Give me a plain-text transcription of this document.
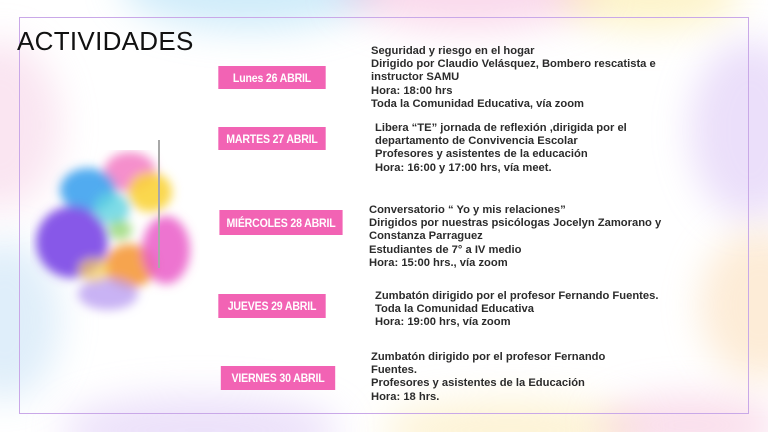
ACTIVIDADES
Lunes 26 ABRIL
Seguridad y riesgo en el hogar
Dirigido por Claudio Velásquez, Bombero rescatista e
instructor SAMU
Hora: 18:00 hrs
Toda la Comunidad Educativa, vía zoom
MARTES 27 ABRIL
Libera “TE” jornada de reflexión ,dirigida por el
departamento de Convivencia Escolar
Profesores y asistentes de la educación
Hora: 16:00 y 17:00 hrs, vía meet.
MIÉRCOLES 28 ABRIL
Conversatorio “ Yo y mis relaciones”
Dirigidos por nuestras psicólogas Jocelyn Zamorano y
Constanza Parraguez
Estudiantes de 7° a IV medio
Hora: 15:00 hrs., vía zoom
JUEVES 29 ABRIL
Zumbatón dirigido por el profesor Fernando Fuentes.
Toda la Comunidad Educativa
Hora: 19:00 hrs, vía zoom
VIERNES 30 ABRIL
Zumbatón dirigido por el profesor Fernando
Fuentes.
Profesores y asistentes de la Educación
Hora: 18 hrs.
